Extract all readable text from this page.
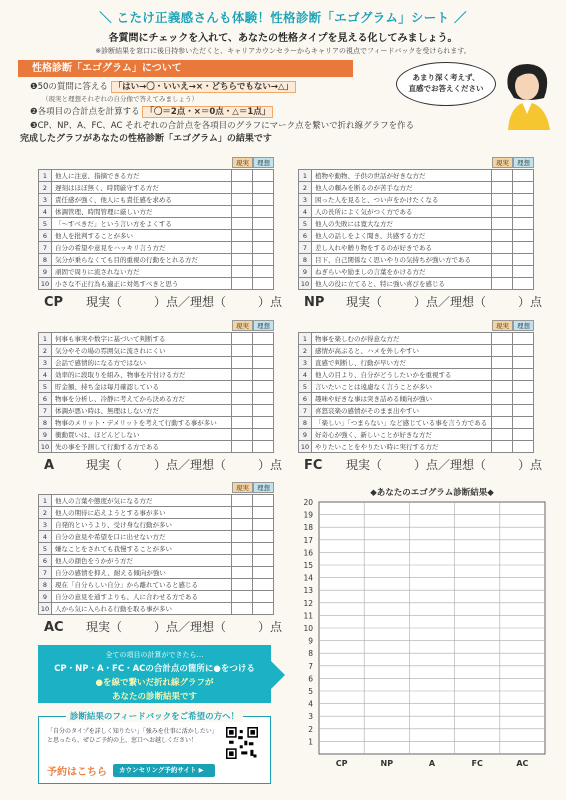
＼ こたけ正義感さんも体験！性格診断「エゴグラム」シート ／
各質問にチェックを入れて、あなたの性格タイプを見える化してみましょう。
※診断結果を窓口に後日持参いただくと、キャリアカウンセラーからキャリアの視点でフィードバックを受けられます。
性格診断「エゴグラム」について
あまり深く考えず、
直感でお答えください
❶50の質問に答える 「はい→〇・いいえ→×・どちらでもない→△」
（現実と理想それぞれの自分像で答えてみましょう）
❷各項目の合計点を計算する 「〇＝2点・×＝0点・△＝1点」
❸CP、NP、A、FC、AC それぞれの合計点を各項目のグラフにマーク点を繋いで折れ線グラフを作る
完成したグラフがあなたの性格診断「エゴグラム」の結果です
現実	理想
1	他人に注意、指摘できる方だ		
2	遅刻はほぼ無く、時間厳守する方だ		
3	責任感が強く、他人にも責任感を求める		
4	体調管理、時間管理に厳しい方だ		
5	「～すべきだ」という言い方をよくする		
6	他人を批判することが多い		
7	自分の希望や意見をハッキリ言う方だ		
8	気分が乗らなくても目的重視の行動をとれる方だ		
9	頑固で周りに流されない方だ		
10	小さな不正行為も適正に対処すべきと思う		
CP	現実（	）点／理想（	）点
現実	理想
1	植物や動物、子供の世話が好きな方だ		
2	他人の頼みを断るのが苦手な方だ		
3	困った人を見ると、つい声をかけたくなる		
4	人の長所によく気がつく方である		
5	他人の失敗には寛大な方だ		
6	他人の話しをよく聞き、共感する方だ		
7	差し入れや贈り物をするのが好きである		
8	目下、自己関係なく思いやりの気持ちが強い方である		
9	ねぎらいや励ましの言葉をかける方だ		
10	他人の役に立てると、特に強い喜びを感じる		
NP	現実（	）点／理想（	）点
現実	理想
1	何事も事実や数字に基づいて判断する		
2	気分やその場の雰囲気に流されにくい		
3	会話で感情的になる方ではない		
4	効率的に段取りを組み、物事を片付ける方だ		
5	貯金額、持ち金は毎月確認している		
6	物事を分析し、冷静に考えてから決める方だ		
7	体調が悪い時は、無理はしない方だ		
8	物事のメリット・デメリットを考えて行動する事が多い		
9	衝動買いは、ほどんどしない		
10	先の事を予測して行動する方である		
A	現実（	）点／理想（	）点
現実	理想
1	物事を楽しむのが得意な方だ		
2	感情が高ぶると、ハメを外しやすい		
3	直感で判断し、行動が早い方だ		
4	他人の目より、自分がどうしたいかを重視する		
5	言いたいことは遠慮なく言うことが多い		
6	趣味や好きな事は突き詰める傾向が強い		
7	喜怒哀楽の感情がそのまま出やすい		
8	「楽しい」「つまらない」など感じている事を言う方である		
9	好奇心が強く、新しいことが好きな方だ		
10	やりたいことをやりたい時に実行する方だ		
FC	現実（	）点／理想（	）点
現実	理想
1	他人の言葉や態度が気になる方だ		
2	他人の期待に応えようとする事が多い		
3	自発的というより、受け身な行動が多い		
4	自分の意見や希望を口に出せない方だ		
5	嫌なことをされても我慢することが多い		
6	他人の顔色をうかがう方だ		
7	自分の感情を抑え、耐える傾向が強い		
8	現在「自分らしい自分」から離れていると感じる		
9	自分の意見を通すよりも、人に合わせる方である		
10	人から気に入られる行動を取る事が多い		
AC	現実（	）点／理想（	）点
◆あなたのエゴグラム診断結果◆
1
2
3
4
5
6
7
8
9
10
11
12
13
14
15
16
17
18
19
20
CP	NP	A	FC	AC
全ての項目の計算ができたら…
CP・NP・A・FC・ACの合計点の箇所に●をつける
●を線で繋いだ折れ線グラフが
あなたの診断結果です
診断結果のフィードバックをご希望の方へ！
「自分のタイプを詳しく知りたい」「強みを仕事に活かしたい」と思ったら、ぜひご予約の上、窓口へお越しください！
予約はこちら	カウンセリング予約サイト ▶
